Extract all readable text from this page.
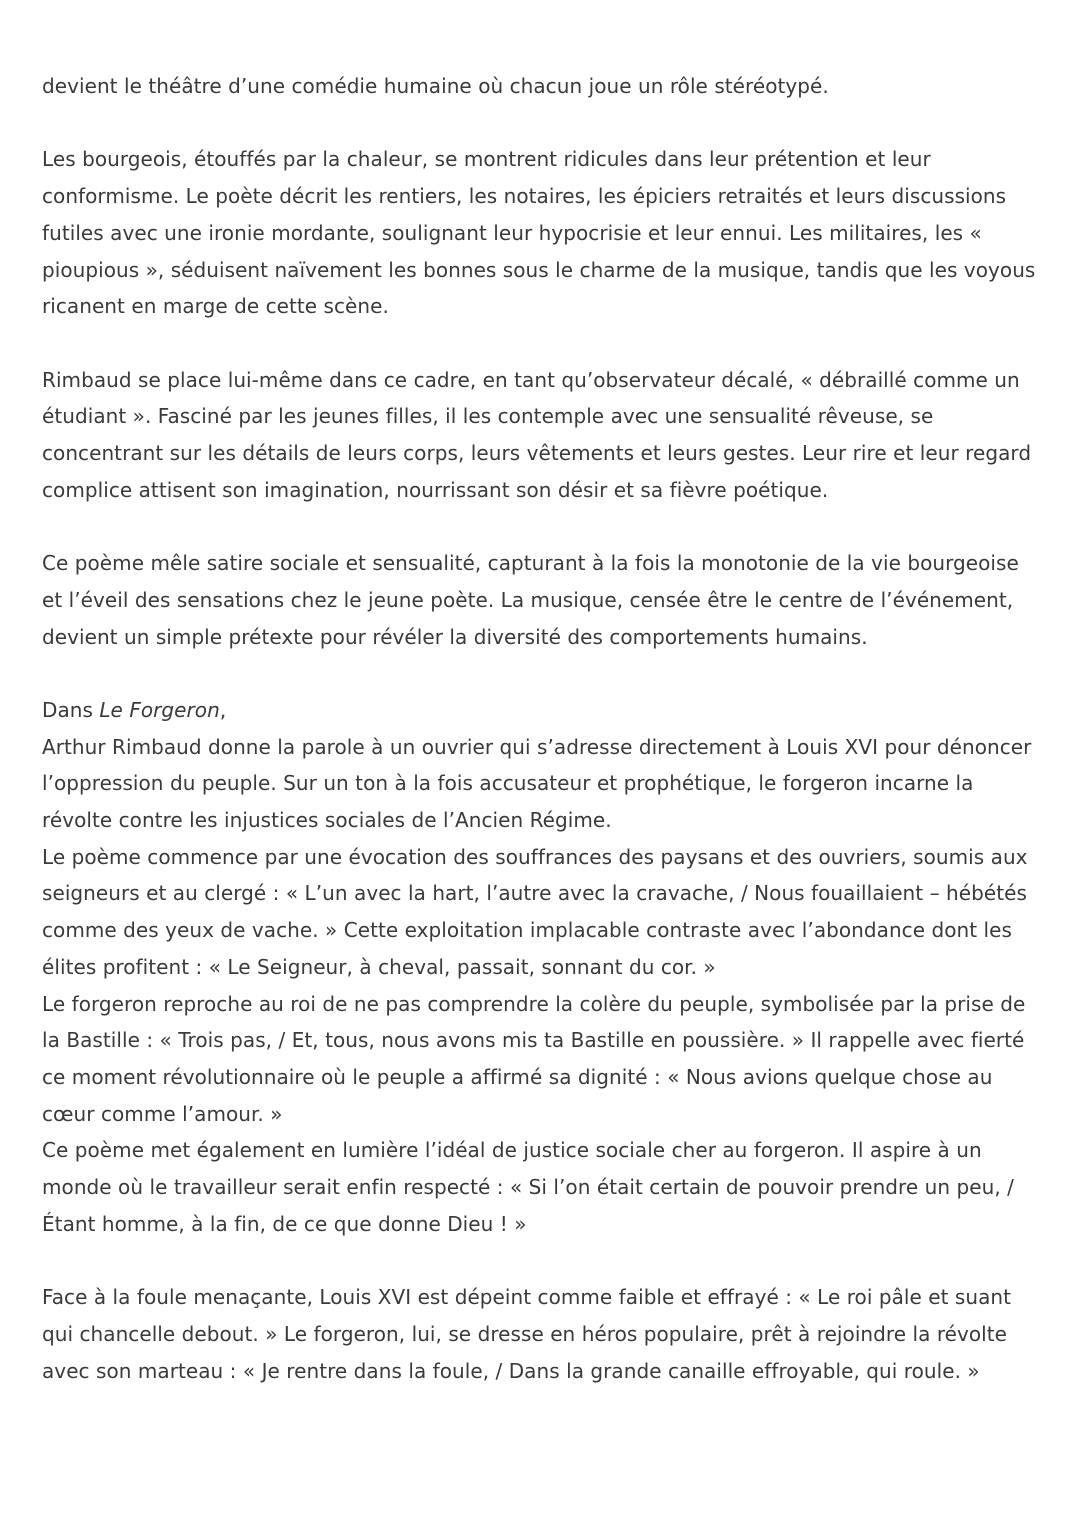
devient le théâtre d’une comédie humaine où chacun joue un rôle stéréotypé.

Les bourgeois, étouffés par la chaleur, se montrent ridicules dans leur prétention et leur conformisme. Le poète décrit les rentiers, les notaires, les épiciers retraités et leurs discussions futiles avec une ironie mordante, soulignant leur hypocrisie et leur ennui. Les militaires, les « pioupious », séduisent naïvement les bonnes sous le charme de la musique, tandis que les voyous ricanent en marge de cette scène.

Rimbaud se place lui-même dans ce cadre, en tant qu’observateur décalé, « débraillé comme un étudiant ». Fasciné par les jeunes filles, il les contemple avec une sensualité rêveuse, se concentrant sur les détails de leurs corps, leurs vêtements et leurs gestes. Leur rire et leur regard complice attisent son imagination, nourrissant son désir et sa fièvre poétique.

Ce poème mêle satire sociale et sensualité, capturant à la fois la monotonie de la vie bourgeoise et l’éveil des sensations chez le jeune poète. La musique, censée être le centre de l’événement, devient un simple prétexte pour révéler la diversité des comportements humains.

Dans Le Forgeron,

Arthur Rimbaud donne la parole à un ouvrier qui s’adresse directement à Louis XVI pour dénoncer l’oppression du peuple. Sur un ton à la fois accusateur et prophétique, le forgeron incarne la révolte contre les injustices sociales de l’Ancien Régime.

Le poème commence par une évocation des souffrances des paysans et des ouvriers, soumis aux seigneurs et au clergé : « L’un avec la hart, l’autre avec la cravache, / Nous fouaillaient – hébétés comme des yeux de vache. » Cette exploitation implacable contraste avec l’abondance dont les élites profitent : « Le Seigneur, à cheval, passait, sonnant du cor. »

Le forgeron reproche au roi de ne pas comprendre la colère du peuple, symbolisée par la prise de la Bastille : « Trois pas, / Et, tous, nous avons mis ta Bastille en poussière. » Il rappelle avec fierté ce moment révolutionnaire où le peuple a affirmé sa dignité : « Nous avions quelque chose au cœur comme l’amour. »

Ce poème met également en lumière l’idéal de justice sociale cher au forgeron. Il aspire à un monde où le travailleur serait enfin respecté : « Si l’on était certain de pouvoir prendre un peu, / Étant homme, à la fin, de ce que donne Dieu ! »

Face à la foule menaçante, Louis XVI est dépeint comme faible et effrayé : « Le roi pâle et suant qui chancelle debout. » Le forgeron, lui, se dresse en héros populaire, prêt à rejoindre la révolte avec son marteau : « Je rentre dans la foule, / Dans la grande canaille effroyable, qui roule. »
